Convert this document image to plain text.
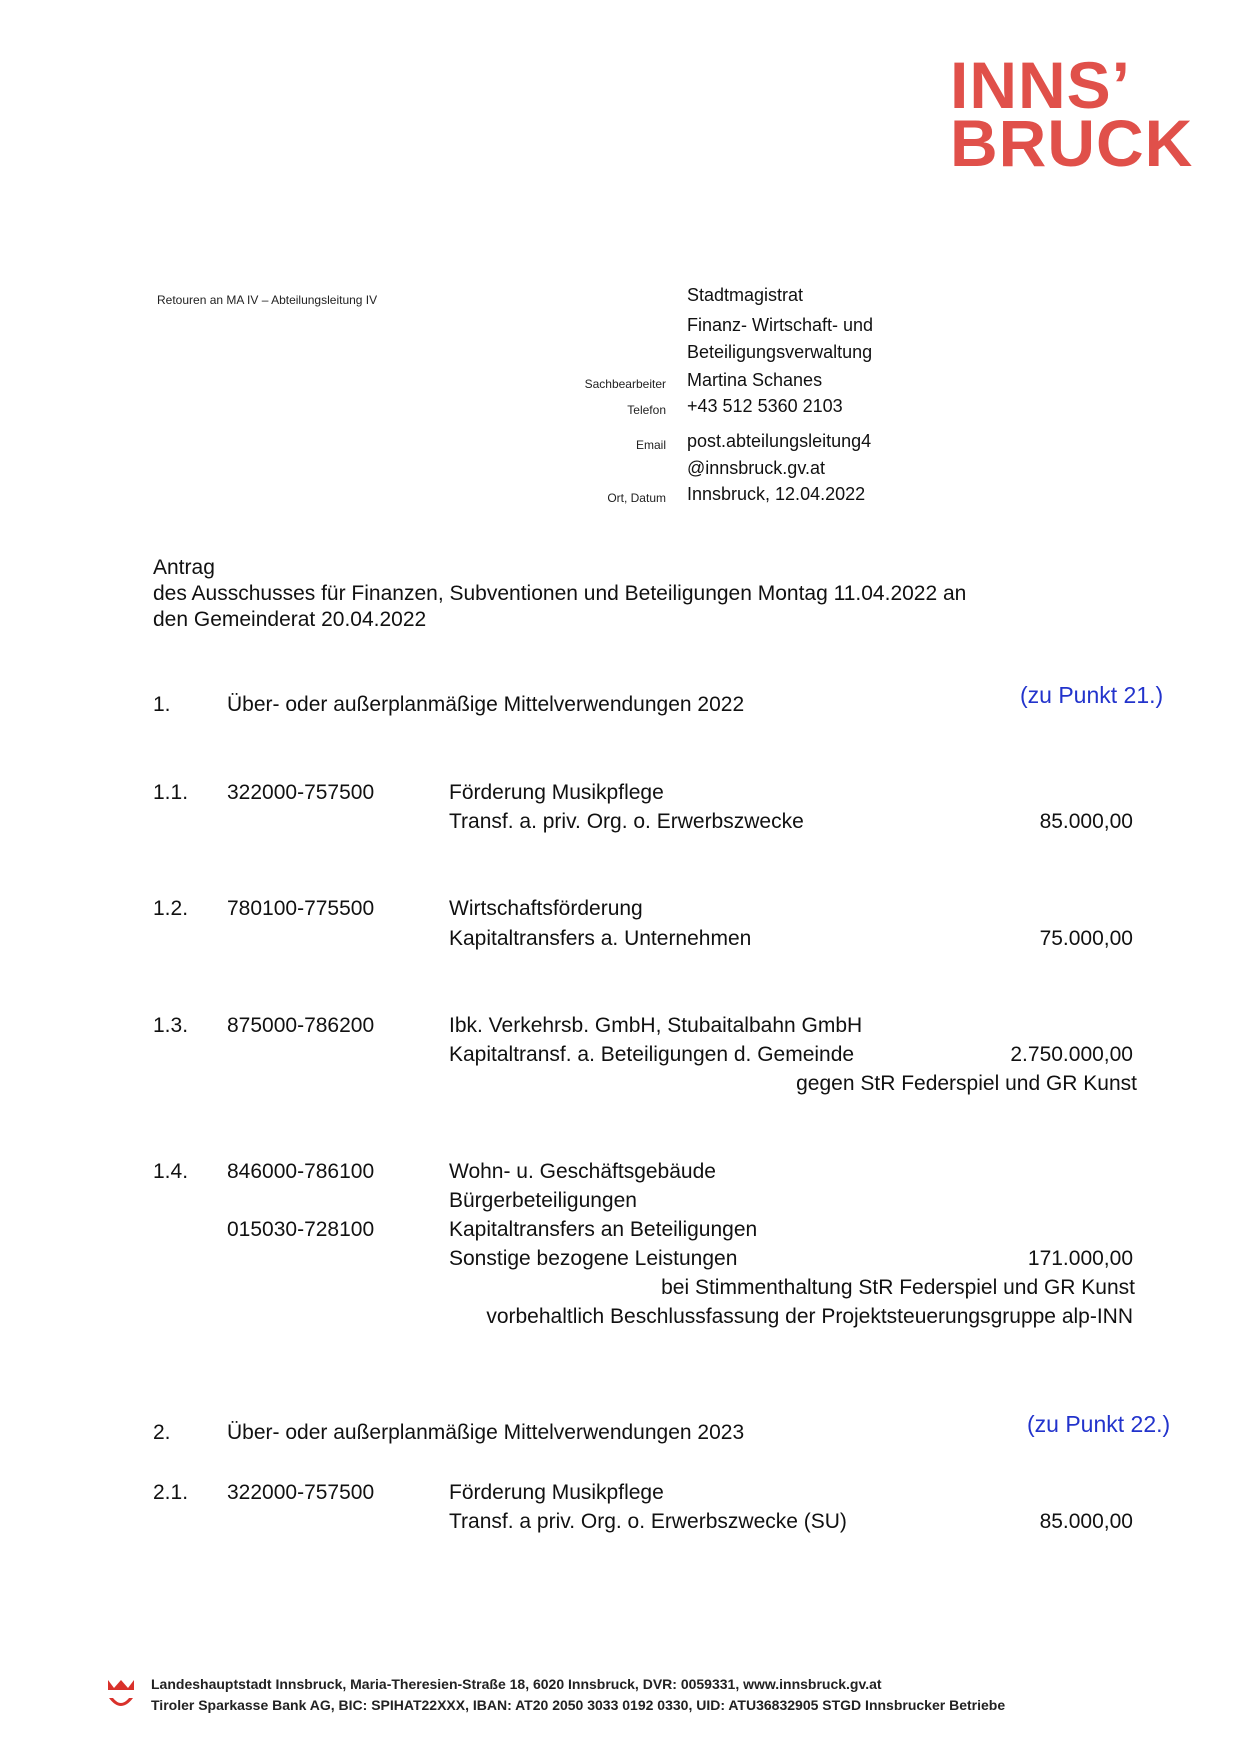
INNS’
BRUCK
Retouren an MA IV – Abteilungsleitung IV	Stadtmagistrat
Finanz- Wirtschaft- und
Beteiligungsverwaltung
Sachbearbeiter Martina Schanes
Telefon +43 512 5360 2103
Email post.abteilungsleitung4
@innsbruck.gv.at
Ort, Datum Innsbruck, 12.04.2022
Antrag
des Ausschusses für Finanzen, Subventionen und Beteiligungen Montag 11.04.2022 an
den Gemeinderat 20.04.2022
1.	Über- oder außerplanmäßige Mittelverwendungen 2022	(zu Punkt 21.)
1.1. 322000-757500	Förderung Musikpflege
Transf. a. priv. Org. o. Erwerbszwecke	85.000,00
1.2. 780100-775500	Wirtschaftsförderung
Kapitaltransfers a. Unternehmen	75.000,00
1.3. 875000-786200	Ibk. Verkehrsb. GmbH, Stubaitalbahn GmbH
Kapitaltransf. a. Beteiligungen d. Gemeinde	2.750.000,00
gegen StR Federspiel und GR Kunst
1.4. 846000-786100	Wohn- u. Geschäftsgebäude
Bürgerbeteiligungen
015030-728100	Kapitaltransfers an Beteiligungen
Sonstige bezogene Leistungen	171.000,00
bei Stimmenthaltung StR Federspiel und GR Kunst
vorbehaltlich Beschlussfassung der Projektsteuerungsgruppe alp-INN
2.	Über- oder außerplanmäßige Mittelverwendungen 2023	(zu Punkt 22.)
2.1. 322000-757500	Förderung Musikpflege
Transf. a priv. Org. o. Erwerbszwecke (SU)	85.000,00
Landeshauptstadt Innsbruck, Maria-Theresien-Straße 18, 6020 Innsbruck, DVR: 0059331, www.innsbruck.gv.at
Tiroler Sparkasse Bank AG, BIC: SPIHAT22XXX, IBAN: AT20 2050 3033 0192 0330, UID: ATU36832905 STGD Innsbrucker Betriebe
